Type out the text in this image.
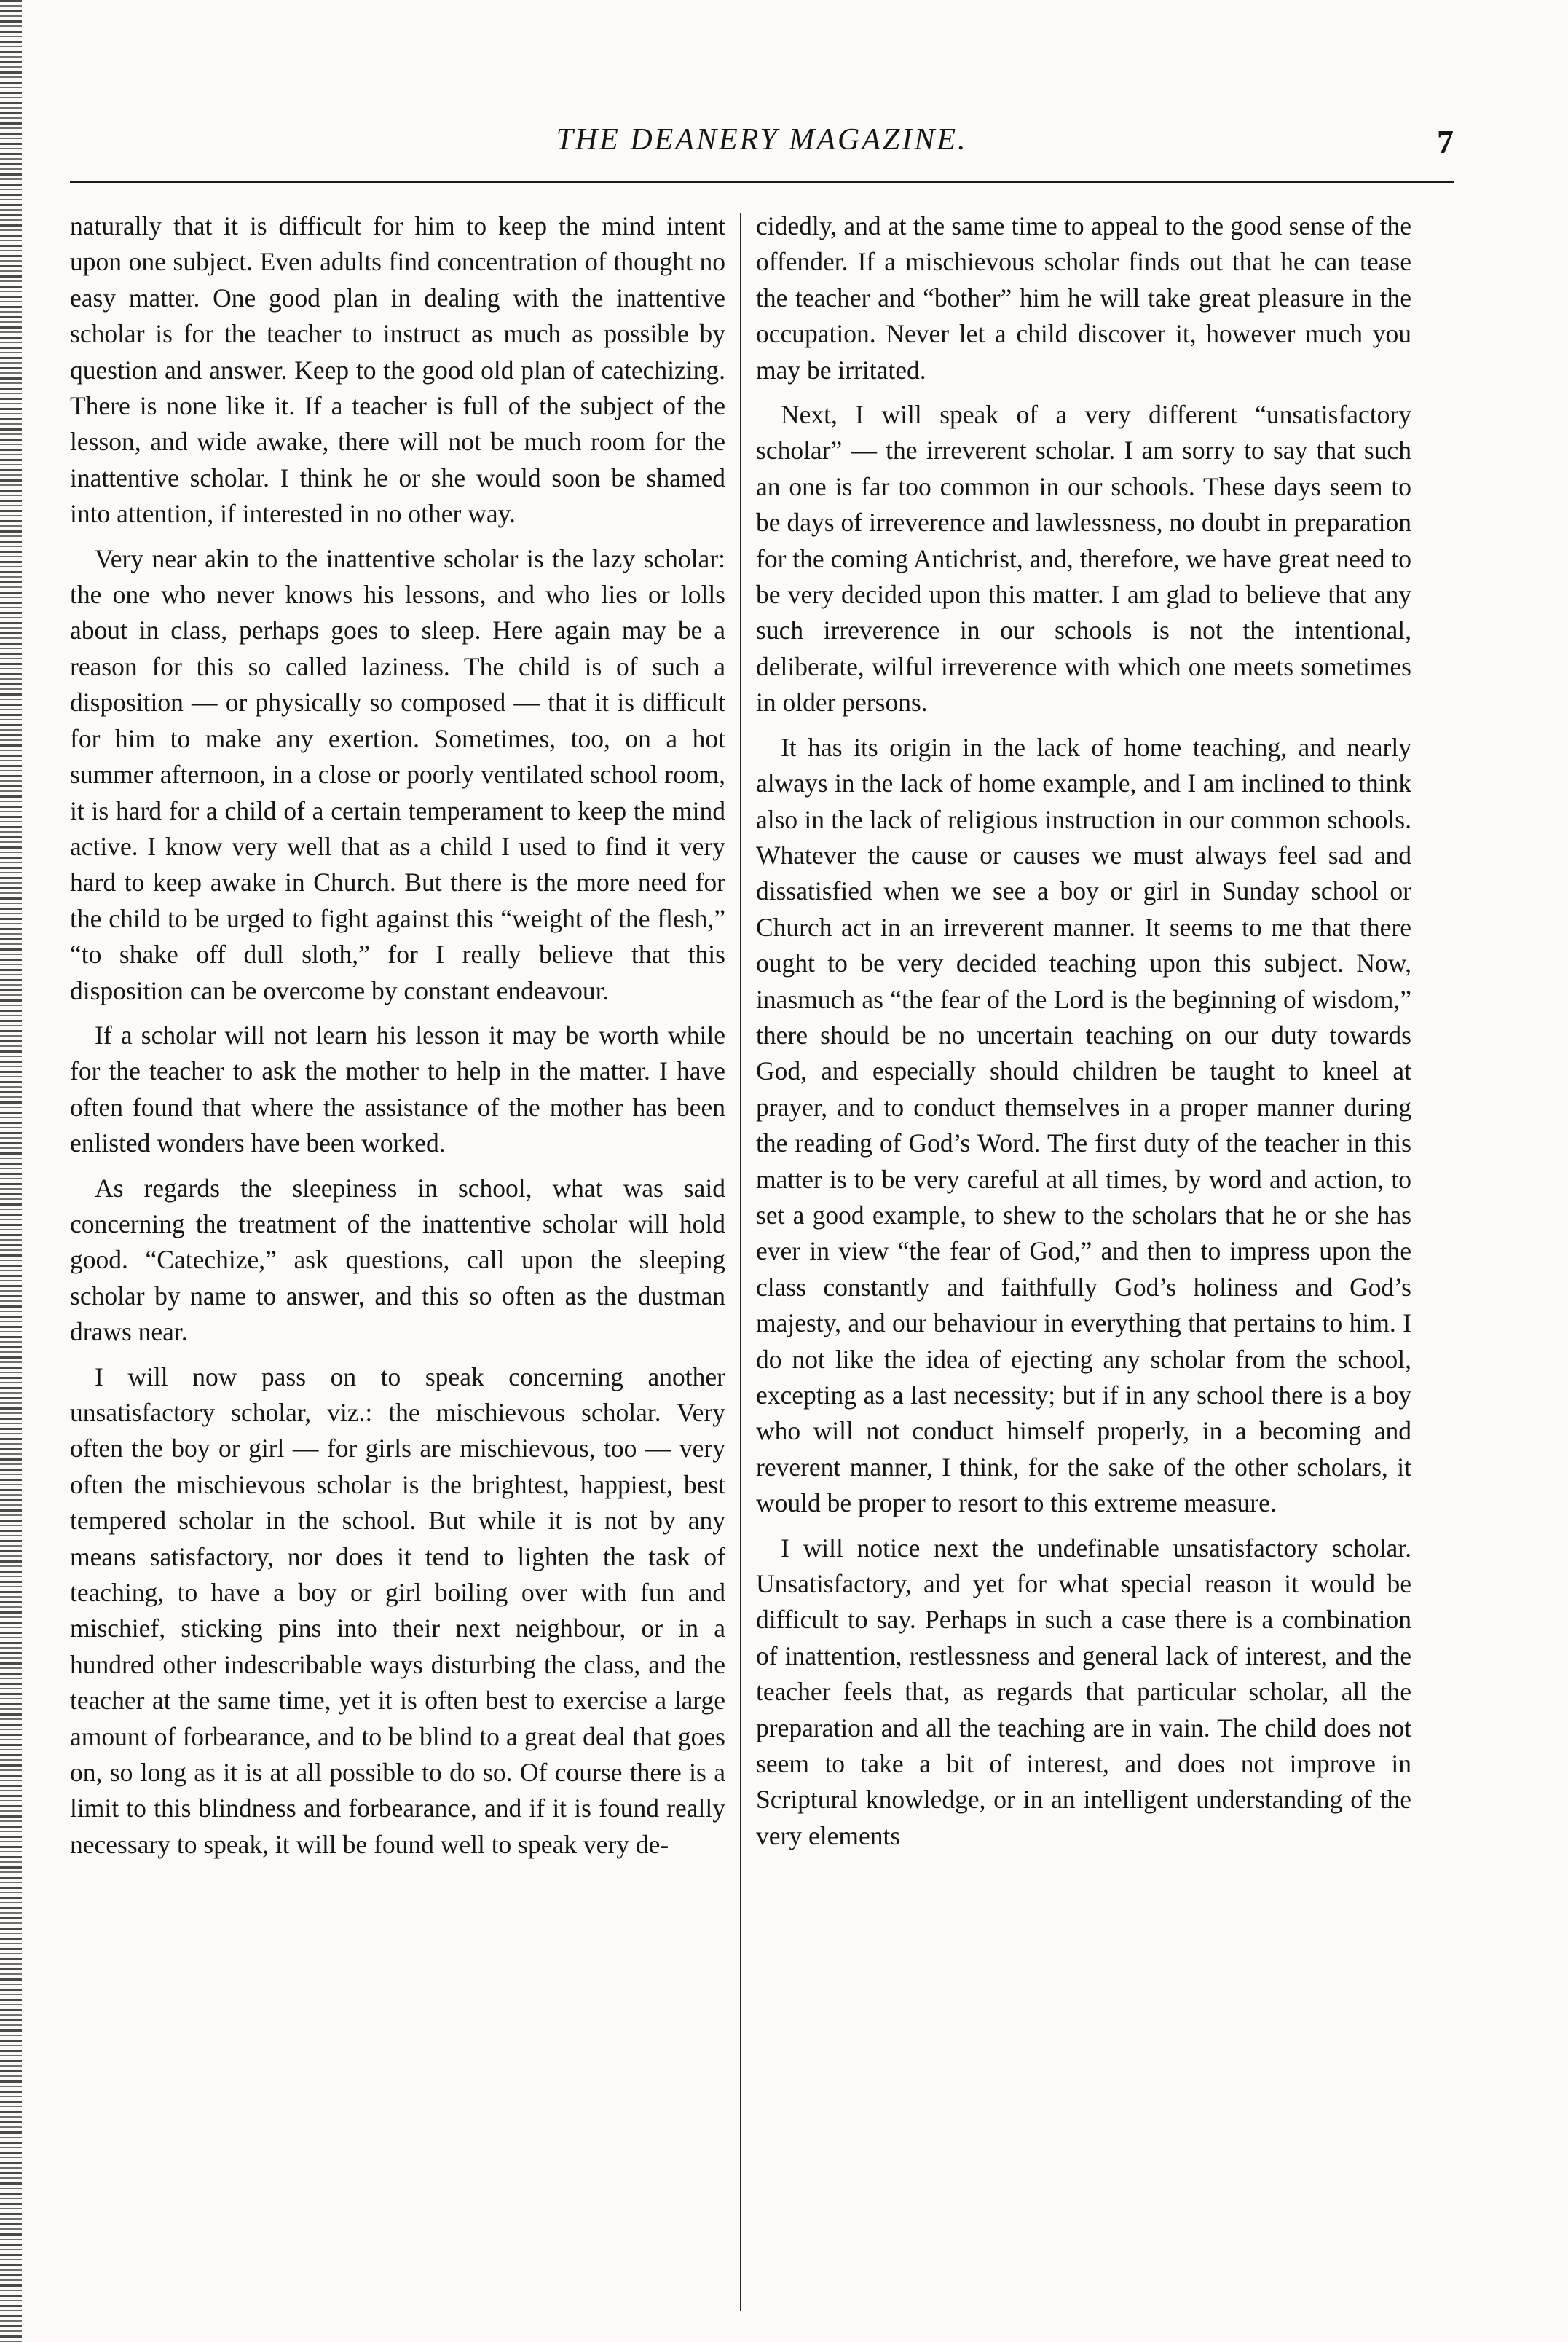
THE DEANERY MAGAZINE.	7

naturally that it is difficult for him to keep the mind intent upon one subject. Even adults find concentration of thought no easy matter. One good plan in dealing with the inattentive scholar is for the teacher to instruct as much as possible by question and answer. Keep to the good old plan of catechizing. There is none like it. If a teacher is full of the subject of the lesson, and wide awake, there will not be much room for the inattentive scholar. I think he or she would soon be shamed into attention, if interested in no other way.

Very near akin to the inattentive scholar is the lazy scholar: the one who never knows his lessons, and who lies or lolls about in class, perhaps goes to sleep. Here again may be a reason for this so called laziness. The child is of such a disposition — or physically so composed — that it is difficult for him to make any exertion. Sometimes, too, on a hot summer afternoon, in a close or poorly ventilated school room, it is hard for a child of a certain temperament to keep the mind active. I know very well that as a child I used to find it very hard to keep awake in Church. But there is the more need for the child to be urged to fight against this “weight of the flesh,” “to shake off dull sloth,” for I really believe that this disposition can be overcome by constant endeavour.

If a scholar will not learn his lesson it may be worth while for the teacher to ask the mother to help in the matter. I have often found that where the assistance of the mother has been enlisted wonders have been worked.

As regards the sleepiness in school, what was said concerning the treatment of the inattentive scholar will hold good. “Catechize,” ask questions, call upon the sleeping scholar by name to answer, and this so often as the dustman draws near.

I will now pass on to speak concerning another unsatisfactory scholar, viz.: the mischievous scholar. Very often the boy or girl — for girls are mischievous, too — very often the mischievous scholar is the brightest, happiest, best tempered scholar in the school. But while it is not by any means satisfactory, nor does it tend to lighten the task of teaching, to have a boy or girl boiling over with fun and mischief, sticking pins into their next neighbour, or in a hundred other indescribable ways disturbing the class, and the teacher at the same time, yet it is often best to exercise a large amount of forbearance, and to be blind to a great deal that goes on, so long as it is at all possible to do so. Of course there is a limit to this blindness and forbearance, and if it is found really necessary to speak, it will be found well to speak very de-

cidedly, and at the same time to appeal to the good sense of the offender. If a mischievous scholar finds out that he can tease the teacher and “bother” him he will take great pleasure in the occupation. Never let a child discover it, however much you may be irritated.

Next, I will speak of a very different “unsatisfactory scholar” — the irreverent scholar. I am sorry to say that such an one is far too common in our schools. These days seem to be days of irreverence and lawlessness, no doubt in preparation for the coming Antichrist, and, therefore, we have great need to be very decided upon this matter. I am glad to believe that any such irreverence in our schools is not the intentional, deliberate, wilful irreverence with which one meets sometimes in older persons.

It has its origin in the lack of home teaching, and nearly always in the lack of home example, and I am inclined to think also in the lack of religious instruction in our common schools. Whatever the cause or causes we must always feel sad and dissatisfied when we see a boy or girl in Sunday school or Church act in an irreverent manner. It seems to me that there ought to be very decided teaching upon this subject. Now, inasmuch as “the fear of the Lord is the beginning of wisdom,” there should be no uncertain teaching on our duty towards God, and especially should children be taught to kneel at prayer, and to conduct themselves in a proper manner during the reading of God’s Word. The first duty of the teacher in this matter is to be very careful at all times, by word and action, to set a good example, to shew to the scholars that he or she has ever in view “the fear of God,” and then to impress upon the class constantly and faithfully God’s holiness and God’s majesty, and our behaviour in everything that pertains to him. I do not like the idea of ejecting any scholar from the school, excepting as a last necessity; but if in any school there is a boy who will not conduct himself properly, in a becoming and reverent manner, I think, for the sake of the other scholars, it would be proper to resort to this extreme measure.

I will notice next the undefinable unsatisfactory scholar. Unsatisfactory, and yet for what special reason it would be difficult to say. Perhaps in such a case there is a combination of inattention, restlessness and general lack of interest, and the teacher feels that, as regards that particular scholar, all the preparation and all the teaching are in vain. The child does not seem to take a bit of interest, and does not improve in Scriptural knowledge, or in an intelligent understanding of the very elements
